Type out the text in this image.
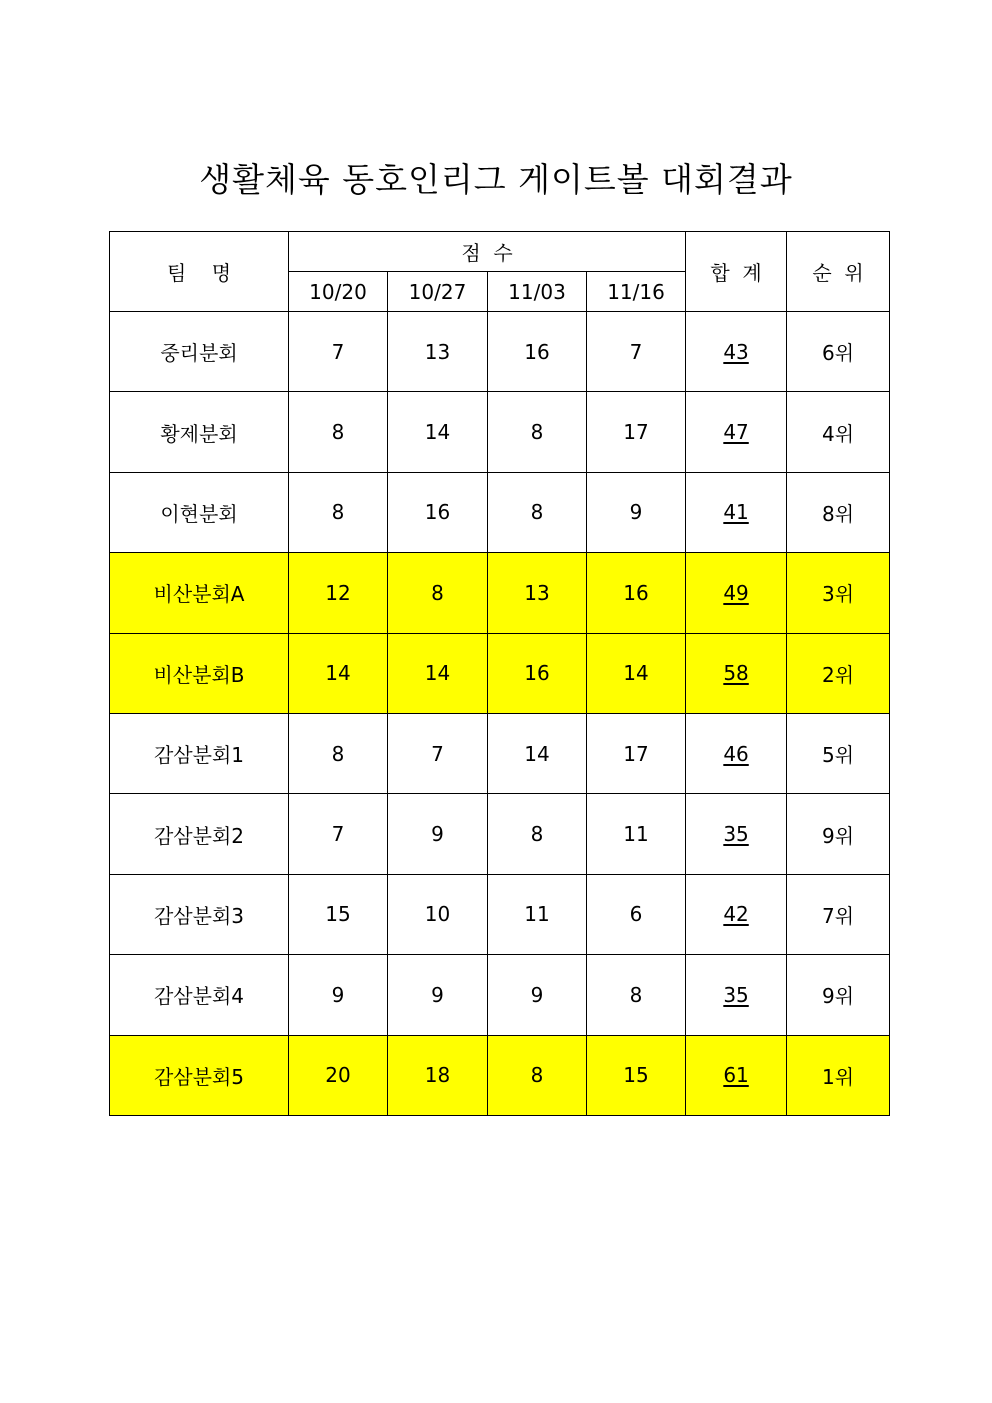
생활체육 동호인리그 게이트볼 대회결과
팀    명	점  수				합  계	순  위
	10/20	10/27	11/03	11/16		
중리분회	7	13	16	7	43	6위
황제분회	8	14	8	17	47	4위
이현분회	8	16	8	9	41	8위
비산분회A	12	8	13	16	49	3위
비산분회B	14	14	16	14	58	2위
감삼분회1	8	7	14	17	46	5위
감삼분회2	7	9	8	11	35	9위
감삼분회3	15	10	11	6	42	7위
감삼분회4	9	9	9	8	35	9위
감삼분회5	20	18	8	15	61	1위
